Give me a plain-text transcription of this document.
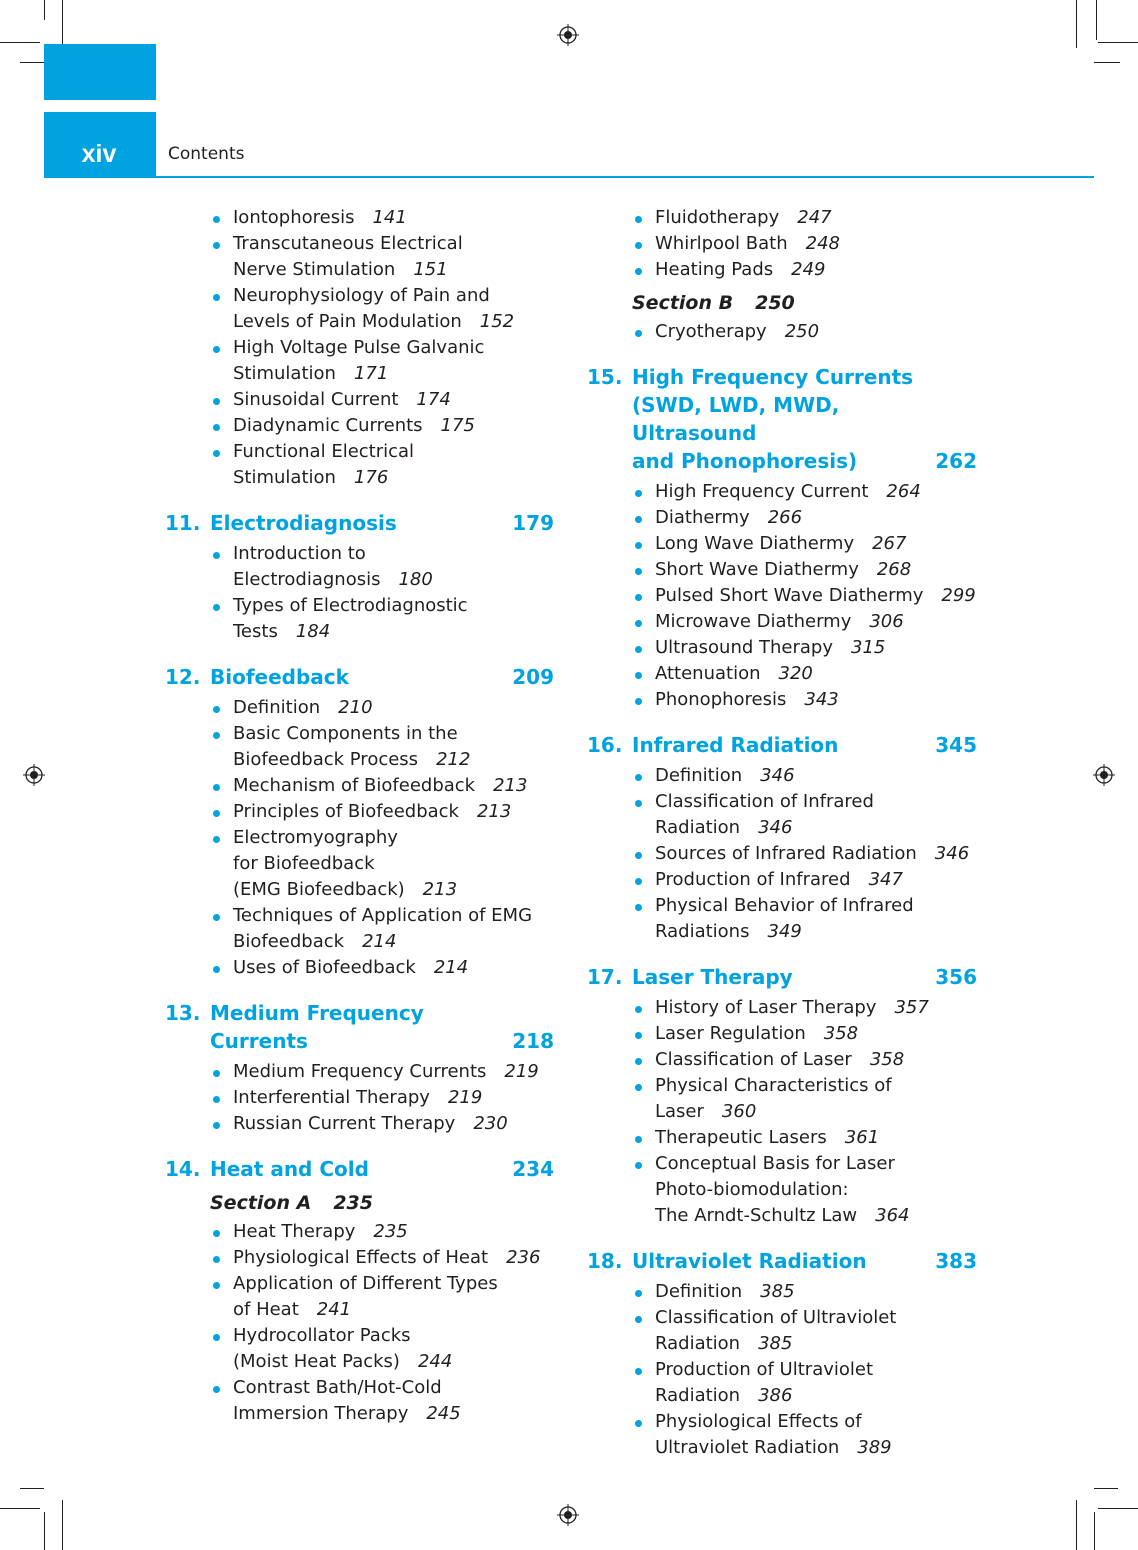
xiv	Contents
Iontophoresis 141
Transcutaneous Electrical
Nerve Stimulation 151
Neurophysiology of Pain and
Levels of Pain Modulation 152
High Voltage Pulse Galvanic
Stimulation 171
Sinusoidal Current 174
Diadynamic Currents 175
Functional Electrical
Stimulation 176
11. Electrodiagnosis	179
Introduction to
Electrodiagnosis 180
Types of Electrodiagnostic
Tests 184
12. Biofeedback	209
Definition 210
Basic Components in the
Biofeedback Process 212
Mechanism of Biofeedback 213
Principles of Biofeedback 213
Electromyography
for Biofeedback
(EMG Biofeedback) 213
Techniques of Application of EMG
Biofeedback 214
Uses of Biofeedback 214
13. Medium Frequency Currents	218
Medium Frequency Currents 219
Interferential Therapy 219
Russian Current Therapy 230
14. Heat and Cold	234
Section A 235
Heat Therapy 235
Physiological Effects of Heat 236
Application of Different Types
of Heat 241
Hydrocollator Packs
(Moist Heat Packs) 244
Contrast Bath/Hot-Cold
Immersion Therapy 245
Fluidotherapy 247
Whirlpool Bath 248
Heating Pads 249
Section B 250
Cryotherapy 250
15. High Frequency Currents
(SWD, LWD, MWD, Ultrasound
and Phonophoresis)	262
High Frequency Current 264
Diathermy 266
Long Wave Diathermy 267
Short Wave Diathermy 268
Pulsed Short Wave Diathermy 299
Microwave Diathermy 306
Ultrasound Therapy 315
Attenuation 320
Phonophoresis 343
16. Infrared Radiation	345
Definition 346
Classification of Infrared
Radiation 346
Sources of Infrared Radiation 346
Production of Infrared 347
Physical Behavior of Infrared
Radiations 349
17. Laser Therapy	356
History of Laser Therapy 357
Laser Regulation 358
Classification of Laser 358
Physical Characteristics of Laser 360
Therapeutic Lasers 361
Conceptual Basis for Laser
Photo-biomodulation:
The Arndt-Schultz Law 364
18. Ultraviolet Radiation	383
Definition 385
Classification of Ultraviolet
Radiation 385
Production of Ultraviolet
Radiation 386
Physiological Effects of
Ultraviolet Radiation 389
